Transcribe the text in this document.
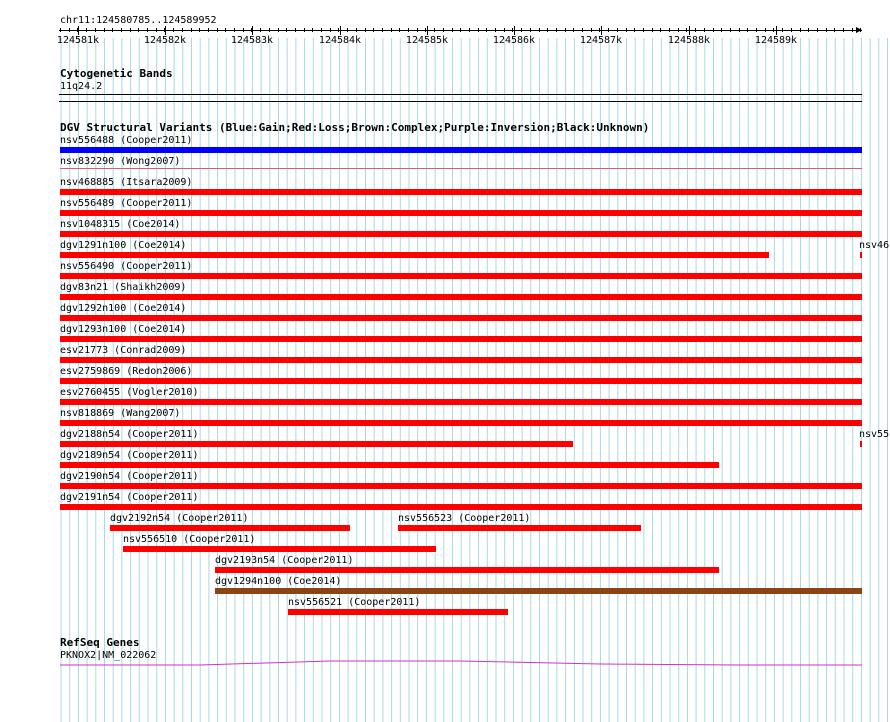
chr11:124580785..124589952
124581k	124582k	124583k	124584k	124585k	124586k	124587k	124588k	124589k
Cytogenetic Bands
11q24.2
DGV Structural Variants (Blue:Gain;Red:Loss;Brown:Complex;Purple:Inversion;Black:Unknown)
nsv556488 (Cooper2011)
nsv832290 (Wong2007)
nsv468885 (Itsara2009)
nsv556489 (Cooper2011)
nsv1048315 (Coe2014)
dgv1291n100 (Coe2014)
nsv556490 (Cooper2011)
dgv83n21 (Shaikh2009)
dgv1292n100 (Coe2014)
dgv1293n100 (Coe2014)
esv21773 (Conrad2009)
esv2759869 (Redon2006)
esv2760455 (Vogler2010)
nsv818869 (Wang2007)
dgv2188n54 (Cooper2011)
dgv2189n54 (Cooper2011)
dgv2190n54 (Cooper2011)
dgv2191n54 (Cooper2011)
dgv2192n54 (Cooper2011)	nsv556523 (Cooper2011)
nsv556510 (Cooper2011)
dgv2193n54 (Cooper2011)
dgv1294n100 (Coe2014)
nsv556521 (Cooper2011)
nsv46
nsv55
RefSeq Genes
PKNOX2|NM_022062
